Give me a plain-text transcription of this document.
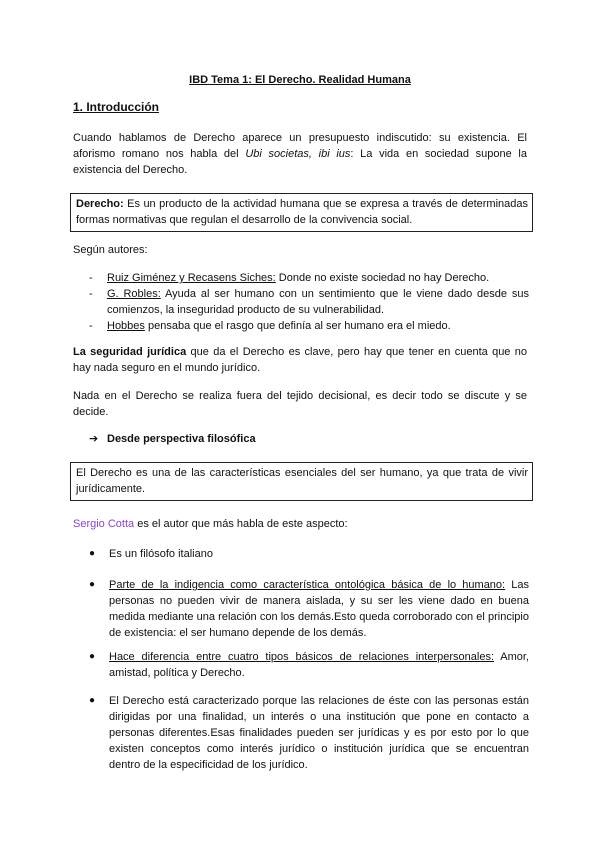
IBD Tema 1: El Derecho. Realidad Humana
1. Introducción
Cuando hablamos de Derecho aparece un presupuesto indiscutido: su existencia. El aforismo romano nos habla del Ubi societas, ibi ius: La vida en sociedad supone la existencia del Derecho.
Derecho: Es un producto de la actividad humana que se expresa a través de determinadas formas normativas que regulan el desarrollo de la convivencia social.
Según autores:
- Ruiz Giménez y Recasens Siches: Donde no existe sociedad no hay Derecho.
- G. Robles: Ayuda al ser humano con un sentimiento que le viene dado desde sus comienzos, la inseguridad producto de su vulnerabilidad.
- Hobbes pensaba que el rasgo que definía al ser humano era el miedo.
La seguridad jurídica que da el Derecho es clave, pero hay que tener en cuenta que no hay nada seguro en el mundo jurídico.
Nada en el Derecho se realiza fuera del tejido decisional, es decir todo se discute y se decide.
➔ Desde perspectiva filosófica
El Derecho es una de las características esenciales del ser humano, ya que trata de vivir jurídicamente.
Sergio Cotta es el autor que más habla de este aspecto:
● Es un filósofo italiano
● Parte de la indigencia como característica ontológica básica de lo humano: Las personas no pueden vivir de manera aislada, y su ser les viene dado en buena medida mediante una relación con los demás.Esto queda corroborado con el principio de existencia: el ser humano depende de los demás.
● Hace diferencia entre cuatro tipos básicos de relaciones interpersonales: Amor, amistad, política y Derecho.
● El Derecho está caracterizado porque las relaciones de éste con las personas están dirigidas por una finalidad, un interés o una institución que pone en contacto a personas diferentes.Esas finalidades pueden ser jurídicas y es por esto por lo que existen conceptos como interés jurídico o institución jurídica que se encuentran dentro de la especificidad de los jurídico.
